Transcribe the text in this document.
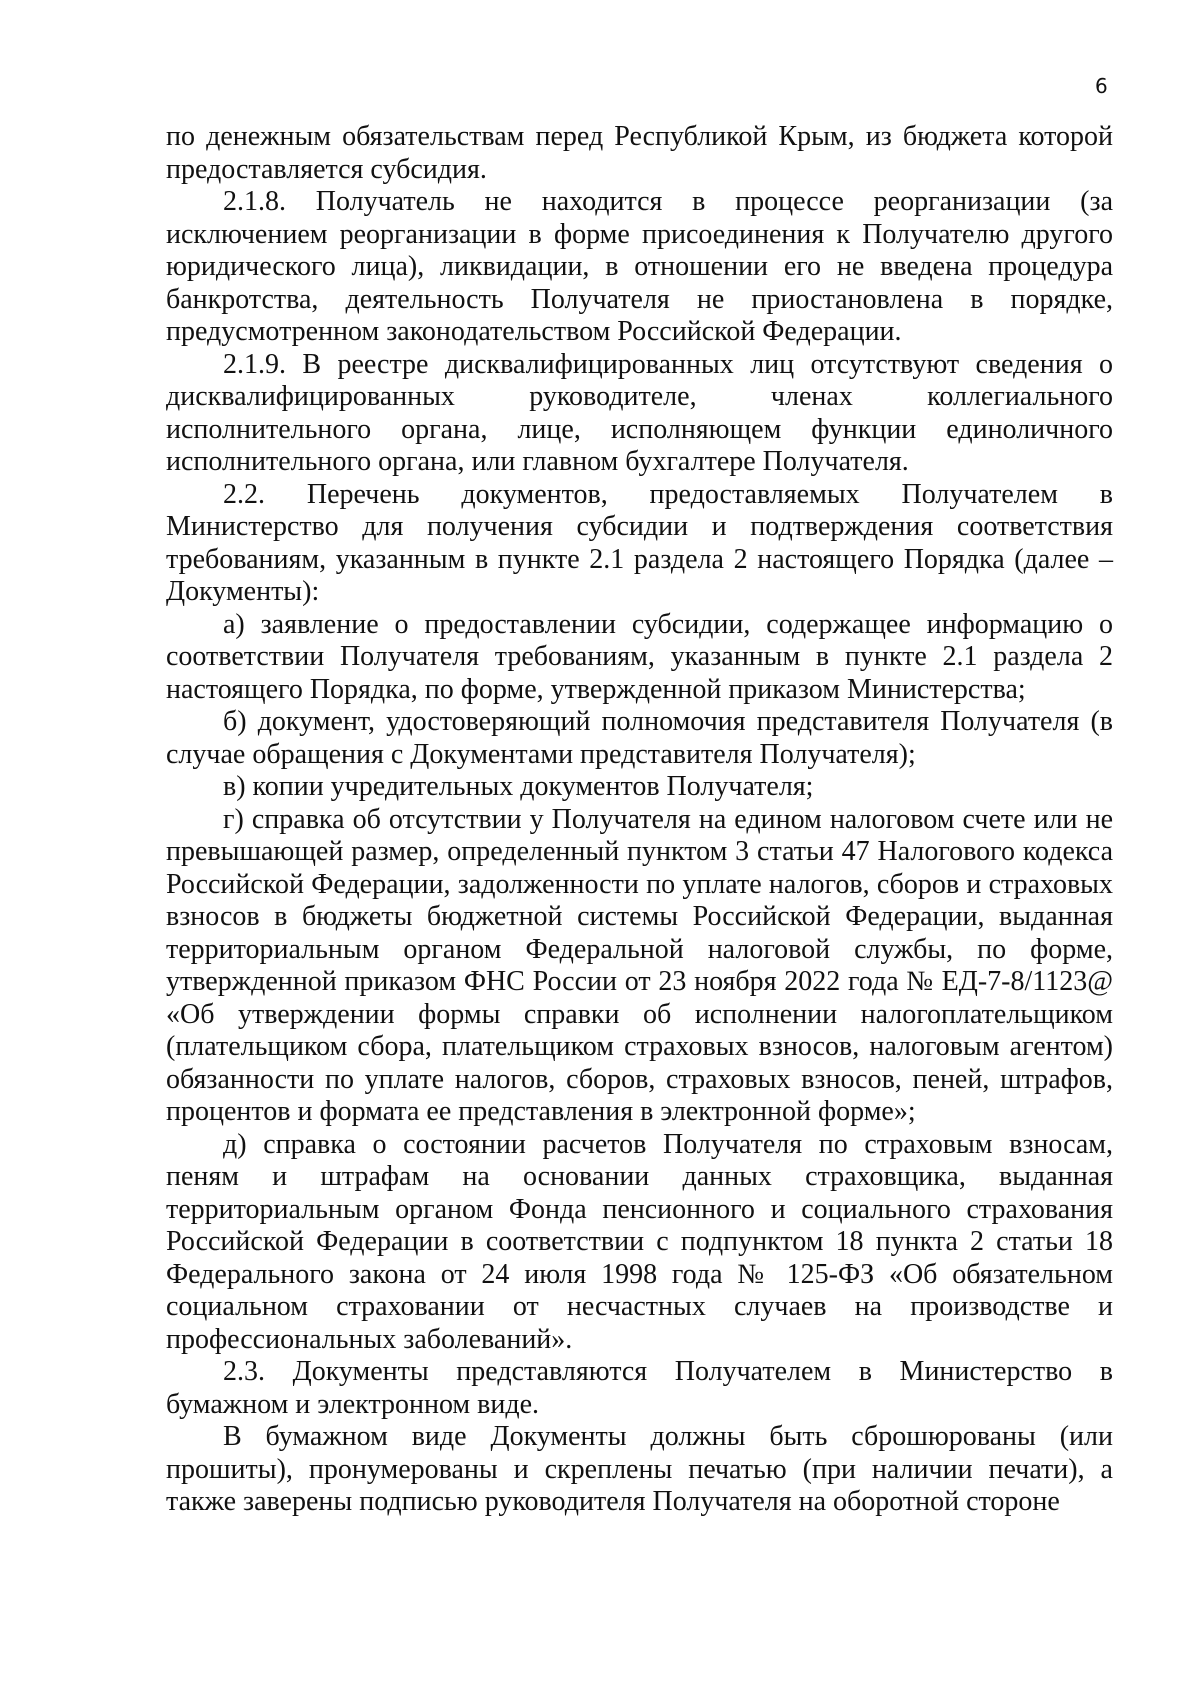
6

по денежным обязательствам перед Республикой Крым, из бюджета которой предоставляется субсидия.

2.1.8. Получатель не находится в процессе реорганизации (за исключением реорганизации в форме присоединения к Получателю другого юридического лица), ликвидации, в отношении его не введена процедура банкротства, деятельность Получателя не приостановлена в порядке, предусмотренном законодательством Российской Федерации.

2.1.9. В реестре дисквалифицированных лиц отсутствуют сведения о дисквалифицированных руководителе, членах коллегиального исполнительного органа, лице, исполняющем функции единоличного исполнительного органа, или главном бухгалтере Получателя.

2.2. Перечень документов, предоставляемых Получателем в Министерство для получения субсидии и подтверждения соответствия требованиям, указанным в пункте 2.1 раздела 2 настоящего Порядка (далее – Документы):

а) заявление о предоставлении субсидии, содержащее информацию о соответствии Получателя требованиям, указанным в пункте 2.1 раздела 2 настоящего Порядка, по форме, утвержденной приказом Министерства;

б) документ, удостоверяющий полномочия представителя Получателя (в случае обращения с Документами представителя Получателя);

в) копии учредительных документов Получателя;

г) справка об отсутствии у Получателя на едином налоговом счете или не превышающей размер, определенный пунктом 3 статьи 47 Налогового кодекса Российской Федерации, задолженности по уплате налогов, сборов и страховых взносов в бюджеты бюджетной системы Российской Федерации, выданная территориальным органом Федеральной налоговой службы, по форме, утвержденной приказом ФНС России от 23 ноября 2022 года № ЕД-7-8/1123@ «Об утверждении формы справки об исполнении налогоплательщиком (плательщиком сбора, плательщиком страховых взносов, налоговым агентом) обязанности по уплате налогов, сборов, страховых взносов, пеней, штрафов, процентов и формата ее представления в электронной форме»;

д) справка о состоянии расчетов Получателя по страховым взносам, пеням и штрафам на основании данных страховщика, выданная территориальным органом Фонда пенсионного и социального страхования Российской Федерации в соответствии с подпунктом 18 пункта 2 статьи 18 Федерального закона от 24 июля 1998 года № 125-ФЗ «Об обязательном социальном страховании от несчастных случаев на производстве и профессиональных заболеваний».

2.3. Документы представляются Получателем в Министерство в бумажном и электронном виде.

В бумажном виде Документы должны быть сброшюрованы (или прошиты), пронумерованы и скреплены печатью (при наличии печати), а также заверены подписью руководителя Получателя на оборотной стороне
